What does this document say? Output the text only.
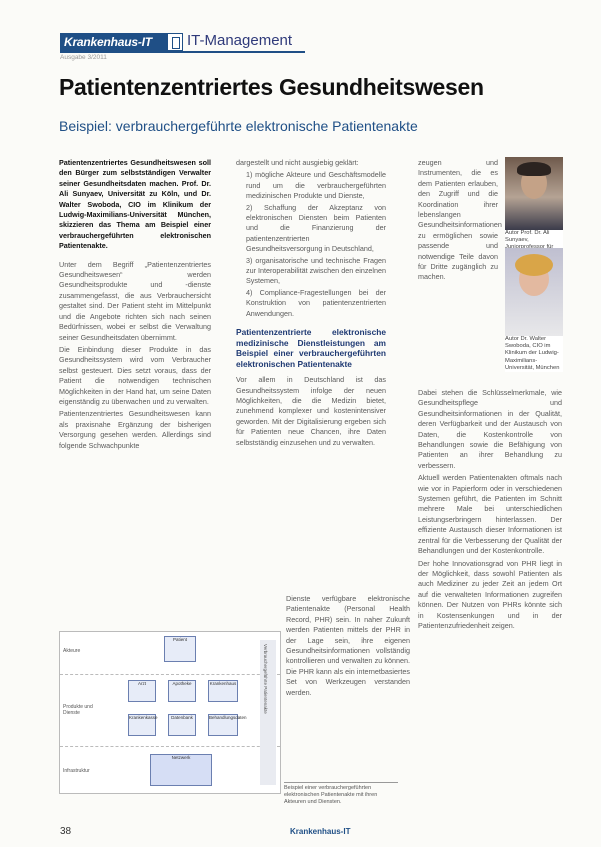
Krankenhaus-IT	IT-Management
Ausgabe 3/2011
Patientenzentriertes Gesundheitswesen
Beispiel: verbrauchergeführte elektronische Patientenakte

Patientenzentriertes Gesundheitswesen soll den Bürger zum selbstständigen Verwalter seiner Gesundheitsdaten machen. Prof. Dr. Ali Sunyaev, Universität zu Köln, und Dr. Walter Swoboda, CIO im Klinikum der Ludwig-Maximilians-Universität München, skizzieren das Thema am Beispiel einer verbrauchergeführten elektronischen Patientenakte.

Unter dem Begriff „Patientenzentriertes Gesundheitswesen“ werden Gesundheitsprodukte und -dienste zusammengefasst, die aus Verbrauchersicht gestaltet sind. Der Patient steht im Mittelpunkt und die Angebote richten sich nach seinen Bedürfnissen, wobei er selbst die Verwaltung seiner Gesundheitsdaten übernimmt.

Die Einbindung dieser Produkte in das Gesundheitssystem wird vom Verbraucher selbst gesteuert. Dies setzt voraus, dass der Patient die notwendigen technischen Möglichkeiten in der Hand hat, um seine Daten eigenständig zu überwachen und zu verwalten.

Patientenzentriertes Gesundheitswesen kann als praxisnahe Ergänzung der bisherigen Versorgung gesehen werden. Allerdings sind folgende Schwachpunkte

dargestellt und nicht ausgiebig geklärt:

1) mögliche Akteure und Geschäftsmodelle rund um die verbrauchergeführten medizinischen Produkte und Dienste,
2) Schaffung der Akzeptanz von elektronischen Diensten beim Patienten und die Finanzierung der patientenzentrierten Gesundheitsversorgung in Deutschland,
3) organisatorische und technische Fragen zur Interoperabilität zwischen den einzelnen Systemen,
4) Compliance-Fragestellungen bei der Konstruktion von patientenzentrierten Anwendungen.
Patientenzentrierte elektronische medizinische Dienstleistungen am Beispiel einer verbrauchergeführten elektronischen Patientenakte

Vor allem in Deutschland ist das Gesundheitssystem infolge der neuen Möglichkeiten, die die Medizin bietet, zunehmend komplexer und kostenintensiver geworden. Mit der Digitalisierung ergeben sich für Patienten neue Chancen, ihre Daten selbstständig einzusehen und zu verwalten.

Dienste verfügbare elektronische Patientenakte (Personal Health Record, PHR) sein. In naher Zukunft werden Patienten mittels der PHR in der Lage sein, ihre eigenen Gesundheitsinformationen vollständig kontrollieren und verwalten zu können. Die PHR kann als ein internetbasiertes Set von Werkzeugen verstanden werden.

zeugen und Instrumenten, die es dem Patienten erlauben, den Zugriff und die Koordination ihrer lebenslangen Gesundheitsinformationen zu ermöglichen sowie passende und notwendige Teile davon für Dritte zugänglich zu machen.

Dabei stehen die Schlüsselmerkmale, wie Gesundheitspflege und Gesundheitsinformationen in der Qualität, deren Verfügbarkeit und der Austausch von Daten, die Kostenkontrolle von Behandlungen sowie die Befähigung von Patienten an ihrer Behandlung zu verbessern.

Aktuell werden Patientenakten oftmals nach wie vor in Papierform oder in verschiedenen Systemen geführt, die Patienten im Schnitt mehrere Male bei unterschiedlichen Leistungserbringern hinterlassen. Der effiziente Austausch dieser Informationen ist zentral für die Verbesserung der Qualität der Behandlungen und der Kostenkontrolle.

Der hohe Innovationsgrad von PHR liegt in der Möglichkeit, dass sowohl Patienten als auch Mediziner zu jeder Zeit an jedem Ort auf die verwalteten Informationen zugreifen können. Der Nutzen von PHRs könnte sich in Kostensenkungen und in der Patientenzufriedenheit zeigen.

Autor Prof. Dr. Ali Sunyaev,
Autor Dr. Walter Swoboda, CIO im Klinikum der Ludwig-Maximilians-Universität, München
Akteure
Produkte und Dienste
Infrastruktur
Patient
Arzt	Apotheke	Krankenhaus
Krankenkasse	Datenbank	Behandlungsdaten
Netzwerk
Verbrauchergeführte Patientenakte
Beispiel einer verbrauchergeführten elektronischen Patientenakte mit ihren Akteuren und Diensten.
38	Krankenhaus-IT
